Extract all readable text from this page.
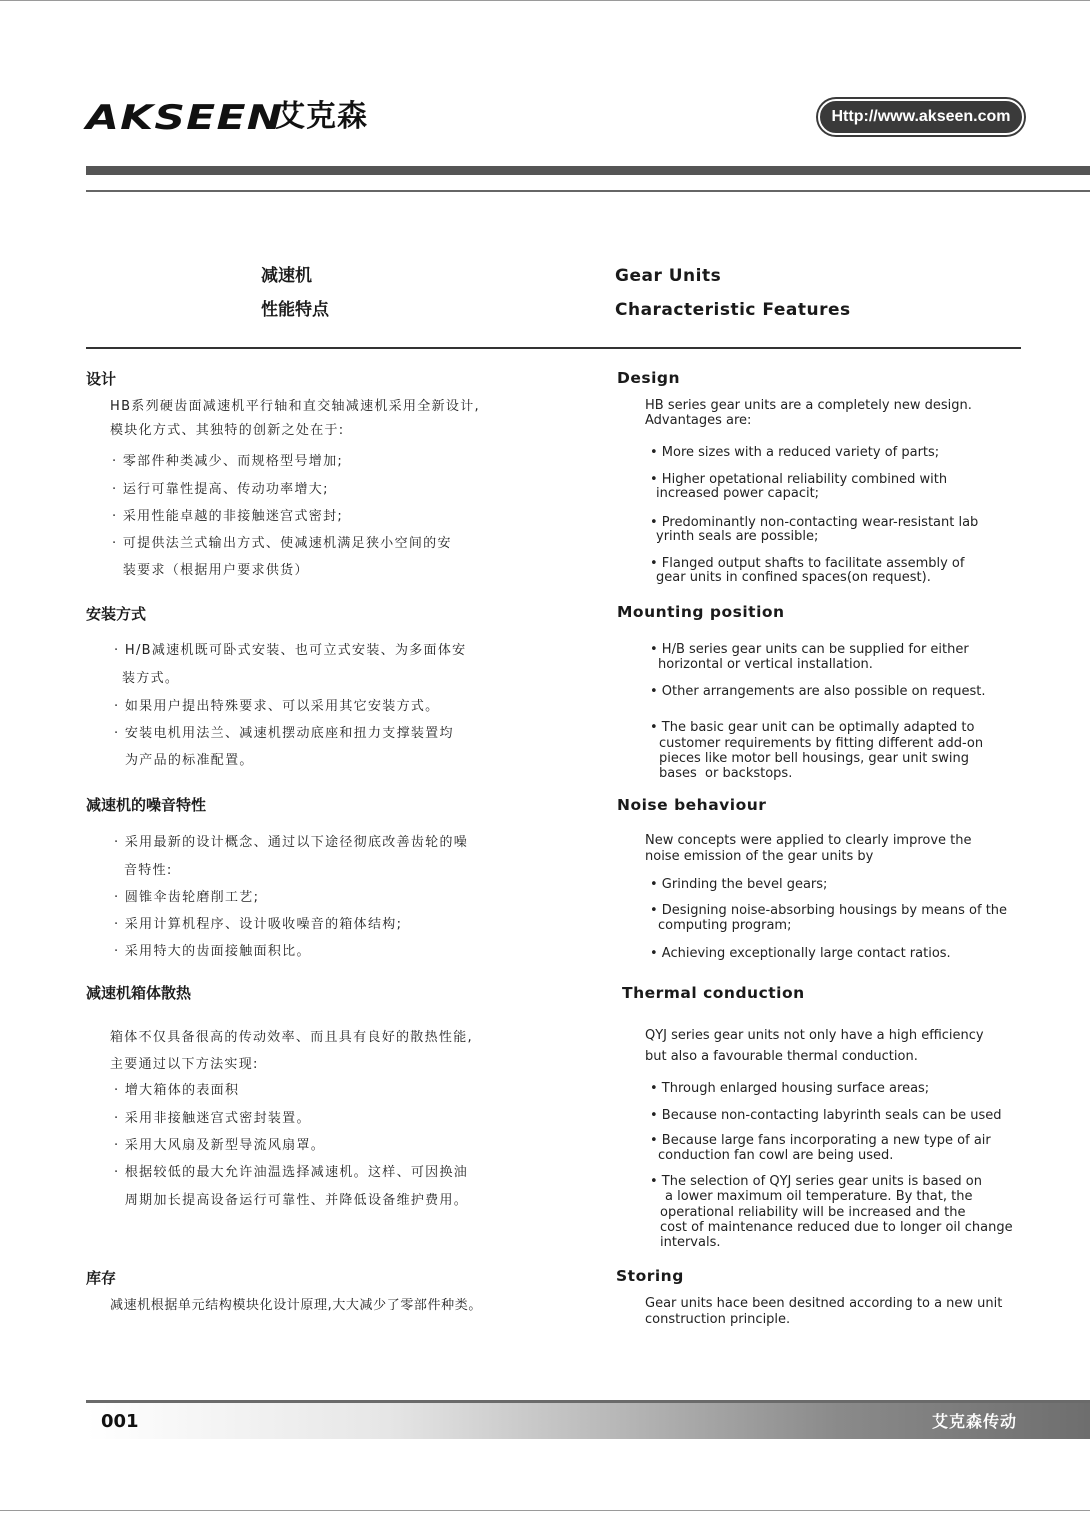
AKSEEN
艾克森	Http://www.akseen.com
减速机
性能特点
Gear Units
Characteristic Features
设计
HB系列硬齿面减速机平行轴和直交轴减速机采用全新设计,
模块化方式、其独特的创新之处在于:
· 零部件种类减少、而规格型号增加;
· 运行可靠性提高、传动功率增大;
· 采用性能卓越的非接触迷宫式密封;
· 可提供法兰式输出方式、使减速机满足狭小空间的安
装要求（根据用户要求供货）
Design
HB series gear units are a completely new design.
Advantages are:
• More sizes with a reduced variety of parts;
• Higher opetational reliability combined with
increased power capacit;
• Predominantly non-contacting wear-resistant lab
yrinth seals are possible;
• Flanged output shafts to facilitate assembly of
gear units in confined spaces(on request).
安装方式
· H/B减速机既可卧式安装、也可立式安装、为多面体安
装方式。
· 如果用户提出特殊要求、可以采用其它安装方式。
· 安装电机用法兰、减速机摆动底座和扭力支撑装置均
为产品的标准配置。
Mounting position
• H/B series gear units can be supplied for either
horizontal or vertical installation.
• Other arrangements are also possible on request.
• The basic gear unit can be optimally adapted to
customer requirements by fitting different add-on
pieces like motor bell housings, gear unit swing
bases  or backstops.
减速机的噪音特性
· 采用最新的设计概念、通过以下途径彻底改善齿轮的噪
音特性:
· 圆锥伞齿轮磨削工艺;
· 采用计算机程序、设计吸收噪音的箱体结构;
· 采用特大的齿面接触面积比。
Noise behaviour
New concepts were applied to clearly improve the
noise emission of the gear units by
• Grinding the bevel gears;
• Designing noise-absorbing housings by means of the
computing program;
• Achieving exceptionally large contact ratios.
减速机箱体散热
箱体不仅具备很高的传动效率、而且具有良好的散热性能,
主要通过以下方法实现:
· 增大箱体的表面积
· 采用非接触迷宫式密封装置。
· 采用大风扇及新型导流风扇罩。
· 根据较低的最大允许油温选择减速机。这样、可因换油
周期加长提高设备运行可靠性、并降低设备维护费用。
Thermal conduction
QYJ series gear units not only have a high efficiency
but also a favourable thermal conduction.
• Through enlarged housing surface areas;
• Because non-contacting labyrinth seals can be used
• Because large fans incorporating a new type of air
conduction fan cowl are being used.
• The selection of QYJ series gear units is based on
a lower maximum oil temperature. By that, the
operational reliability will be increased and the
cost of maintenance reduced due to longer oil change
intervals.
库存
减速机根据单元结构模块化设计原理,大大减少了零部件种类。
Storing
Gear units hace been desitned according to a new unit
construction principle.
001	艾克森传动
